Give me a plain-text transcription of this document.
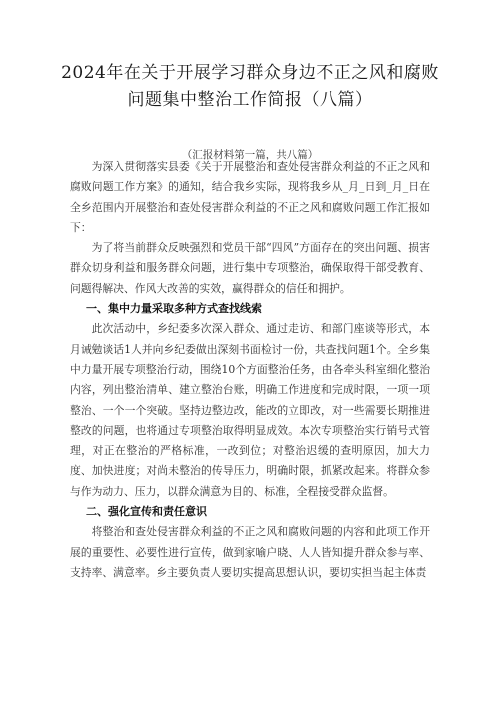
2024年在关于开展学习群众身边不正之风和腐败问题集中整治工作简报（八篇）
（汇报材料第一篇，共八篇）

为深入贯彻落实县委《关于开展整治和查处侵害群众利益的不正之风和腐败问题工作方案》的通知，结合我乡实际，现将我乡从_月_日到_月_日在全乡范围内开展整治和查处侵害群众利益的不正之风和腐败问题工作汇报如下：

为了将当前群众反映强烈和党员干部“四风”方面存在的突出问题、损害群众切身利益和服务群众问题，进行集中专项整治，确保取得干部受教育、问题得解决、作风大改善的实效，赢得群众的信任和拥护。

一、集中力量采取多种方式查找线索

此次活动中，乡纪委多次深入群众、通过走访、和部门座谈等形式，本月诫勉谈话1人并向乡纪委做出深刻书面检讨一份，共查找问题1个。全乡集中力量开展专项整治行动，围绕10个方面整治任务，由各牵头科室细化整治内容，列出整治清单、建立整治台账，明确工作进度和完成时限，一项一项整治、一个一个突破。坚持边整边改，能改的立即改，对一些需要长期推进整改的问题，也将通过专项整治取得明显成效。本次专项整治实行销号式管理，对正在整治的严格标准，一改到位；对整治迟缓的查明原因，加大力度、加快进度；对尚未整治的传导压力，明确时限，抓紧改起来。将群众参与作为动力、压力，以群众满意为目的、标准，全程接受群众监督。

二、强化宣传和责任意识

将整治和查处侵害群众利益的不正之风和腐败问题的内容和此项工作开展的重要性、必要性进行宣传，做到家喻户晓、人人皆知提升群众参与率、支持率、满意率。乡主要负责人要切实提高思想认识，要切实担当起主体责
